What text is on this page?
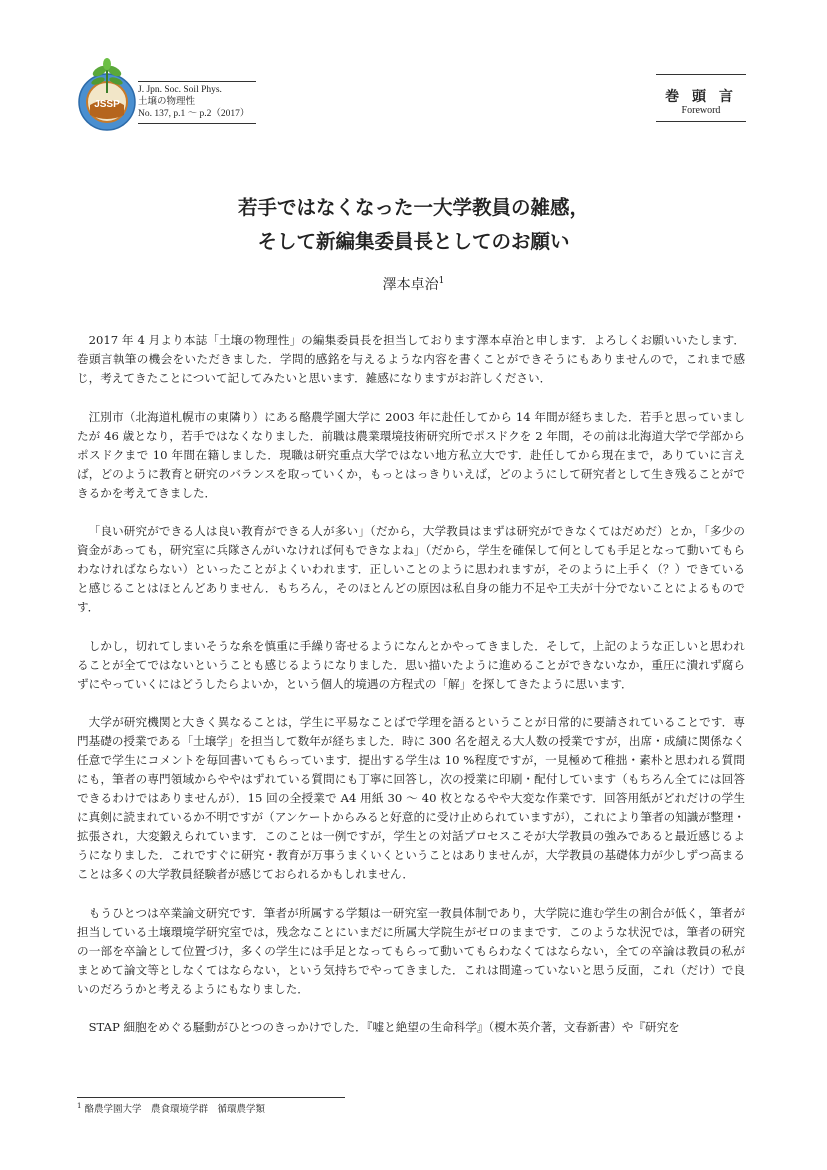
JSSP
J. Jpn. Soc. Soil Phys.
土壌の物理性
No. 137, p.1 ～ p.2（2017）
巻 頭 言
Foreword
若手ではなくなった一大学教員の雑感，
そして新編集委員長としてのお願い
澤本卓治$^1$

2017 年 4 月より本誌「土壌の物理性」の編集委員長を担当しております澤本卓治と申します．よろしくお願いいたします．巻頭言執筆の機会をいただきました．学問的感銘を与えるような内容を書くことができそうにもありませんので，これまで感じ，考えてきたことについて記してみたいと思います．雑感になりますがお許しください．

江別市（北海道札幌市の東隣り）にある酪農学園大学に 2003 年に赴任してから 14 年間が経ちました．若手と思っていましたが 46 歳となり，若手ではなくなりました．前職は農業環境技術研究所でポスドクを 2 年間，その前は北海道大学で学部からポスドクまで 10 年間在籍しました．現職は研究重点大学ではない地方私立大です．赴任してから現在まで，ありていに言えば，どのように教育と研究のバランスを取っていくか，もっとはっきりいえば，どのようにして研究者として生き残ることができるかを考えてきました．

「良い研究ができる人は良い教育ができる人が多い」（だから，大学教員はまずは研究ができなくてはだめだ）とか，「多少の資金があっても，研究室に兵隊さんがいなければ何もできなよね」（だから，学生を確保して何としても手足となって動いてもらわなければならない）といったことがよくいわれます．正しいことのように思われますが，そのように上手く（？）できていると感じることはほとんどありません．もちろん，そのほとんどの原因は私自身の能力不足や工夫が十分でないことによるものです．

しかし，切れてしまいそうな糸を慎重に手繰り寄せるようになんとかやってきました．そして，上記のような正しいと思われることが全てではないということも感じるようになりました．思い描いたように進めることができないなか，重圧に潰れず腐らずにやっていくにはどうしたらよいか，という個人的境遇の方程式の「解」を探してきたように思います．

大学が研究機関と大きく異なることは，学生に平易なことばで学理を語るということが日常的に要請されていることです．専門基礎の授業である「土壌学」を担当して数年が経ちました．時に 300 名を超える大人数の授業ですが，出席・成績に関係なく任意で学生にコメントを毎回書いてもらっています．提出する学生は 10 %程度ですが，一見極めて稚拙・素朴と思われる質問にも，筆者の専門領域からややはずれている質問にも丁寧に回答し，次の授業に印刷・配付しています（もちろん全てには回答できるわけではありませんが）．15 回の全授業で A4 用紙 30 ～ 40 枚となるやや大変な作業です．回答用紙がどれだけの学生に真剣に読まれているか不明ですが（アンケートからみると好意的に受け止められていますが），これにより筆者の知識が整理・拡張され，大変鍛えられています．このことは一例ですが，学生との対話プロセスこそが大学教員の強みであると最近感じるようになりました．これですぐに研究・教育が万事うまくいくということはありませんが，大学教員の基礎体力が少しずつ高まることは多くの大学教員経験者が感じておられるかもしれません．

もうひとつは卒業論文研究です．筆者が所属する学類は一研究室一教員体制であり，大学院に進む学生の割合が低く，筆者が担当している土壌環境学研究室では，残念なことにいまだに所属大学院生がゼロのままです．このような状況では，筆者の研究の一部を卒論として位置づけ，多くの学生には手足となってもらって動いてもらわなくてはならない，全ての卒論は教員の私がまとめて論文等としなくてはならない，という気持ちでやってきました．これは間違っていないと思う反面，これ（だけ）で良いのだろうかと考えるようにもなりました．

STAP 細胞をめぐる騒動がひとつのきっかけでした．『嘘と絶望の生命科学』（榎木英介著，文春新書）や『研究を

$^1$ 酪農学園大学　農食環境学群　循環農学類
